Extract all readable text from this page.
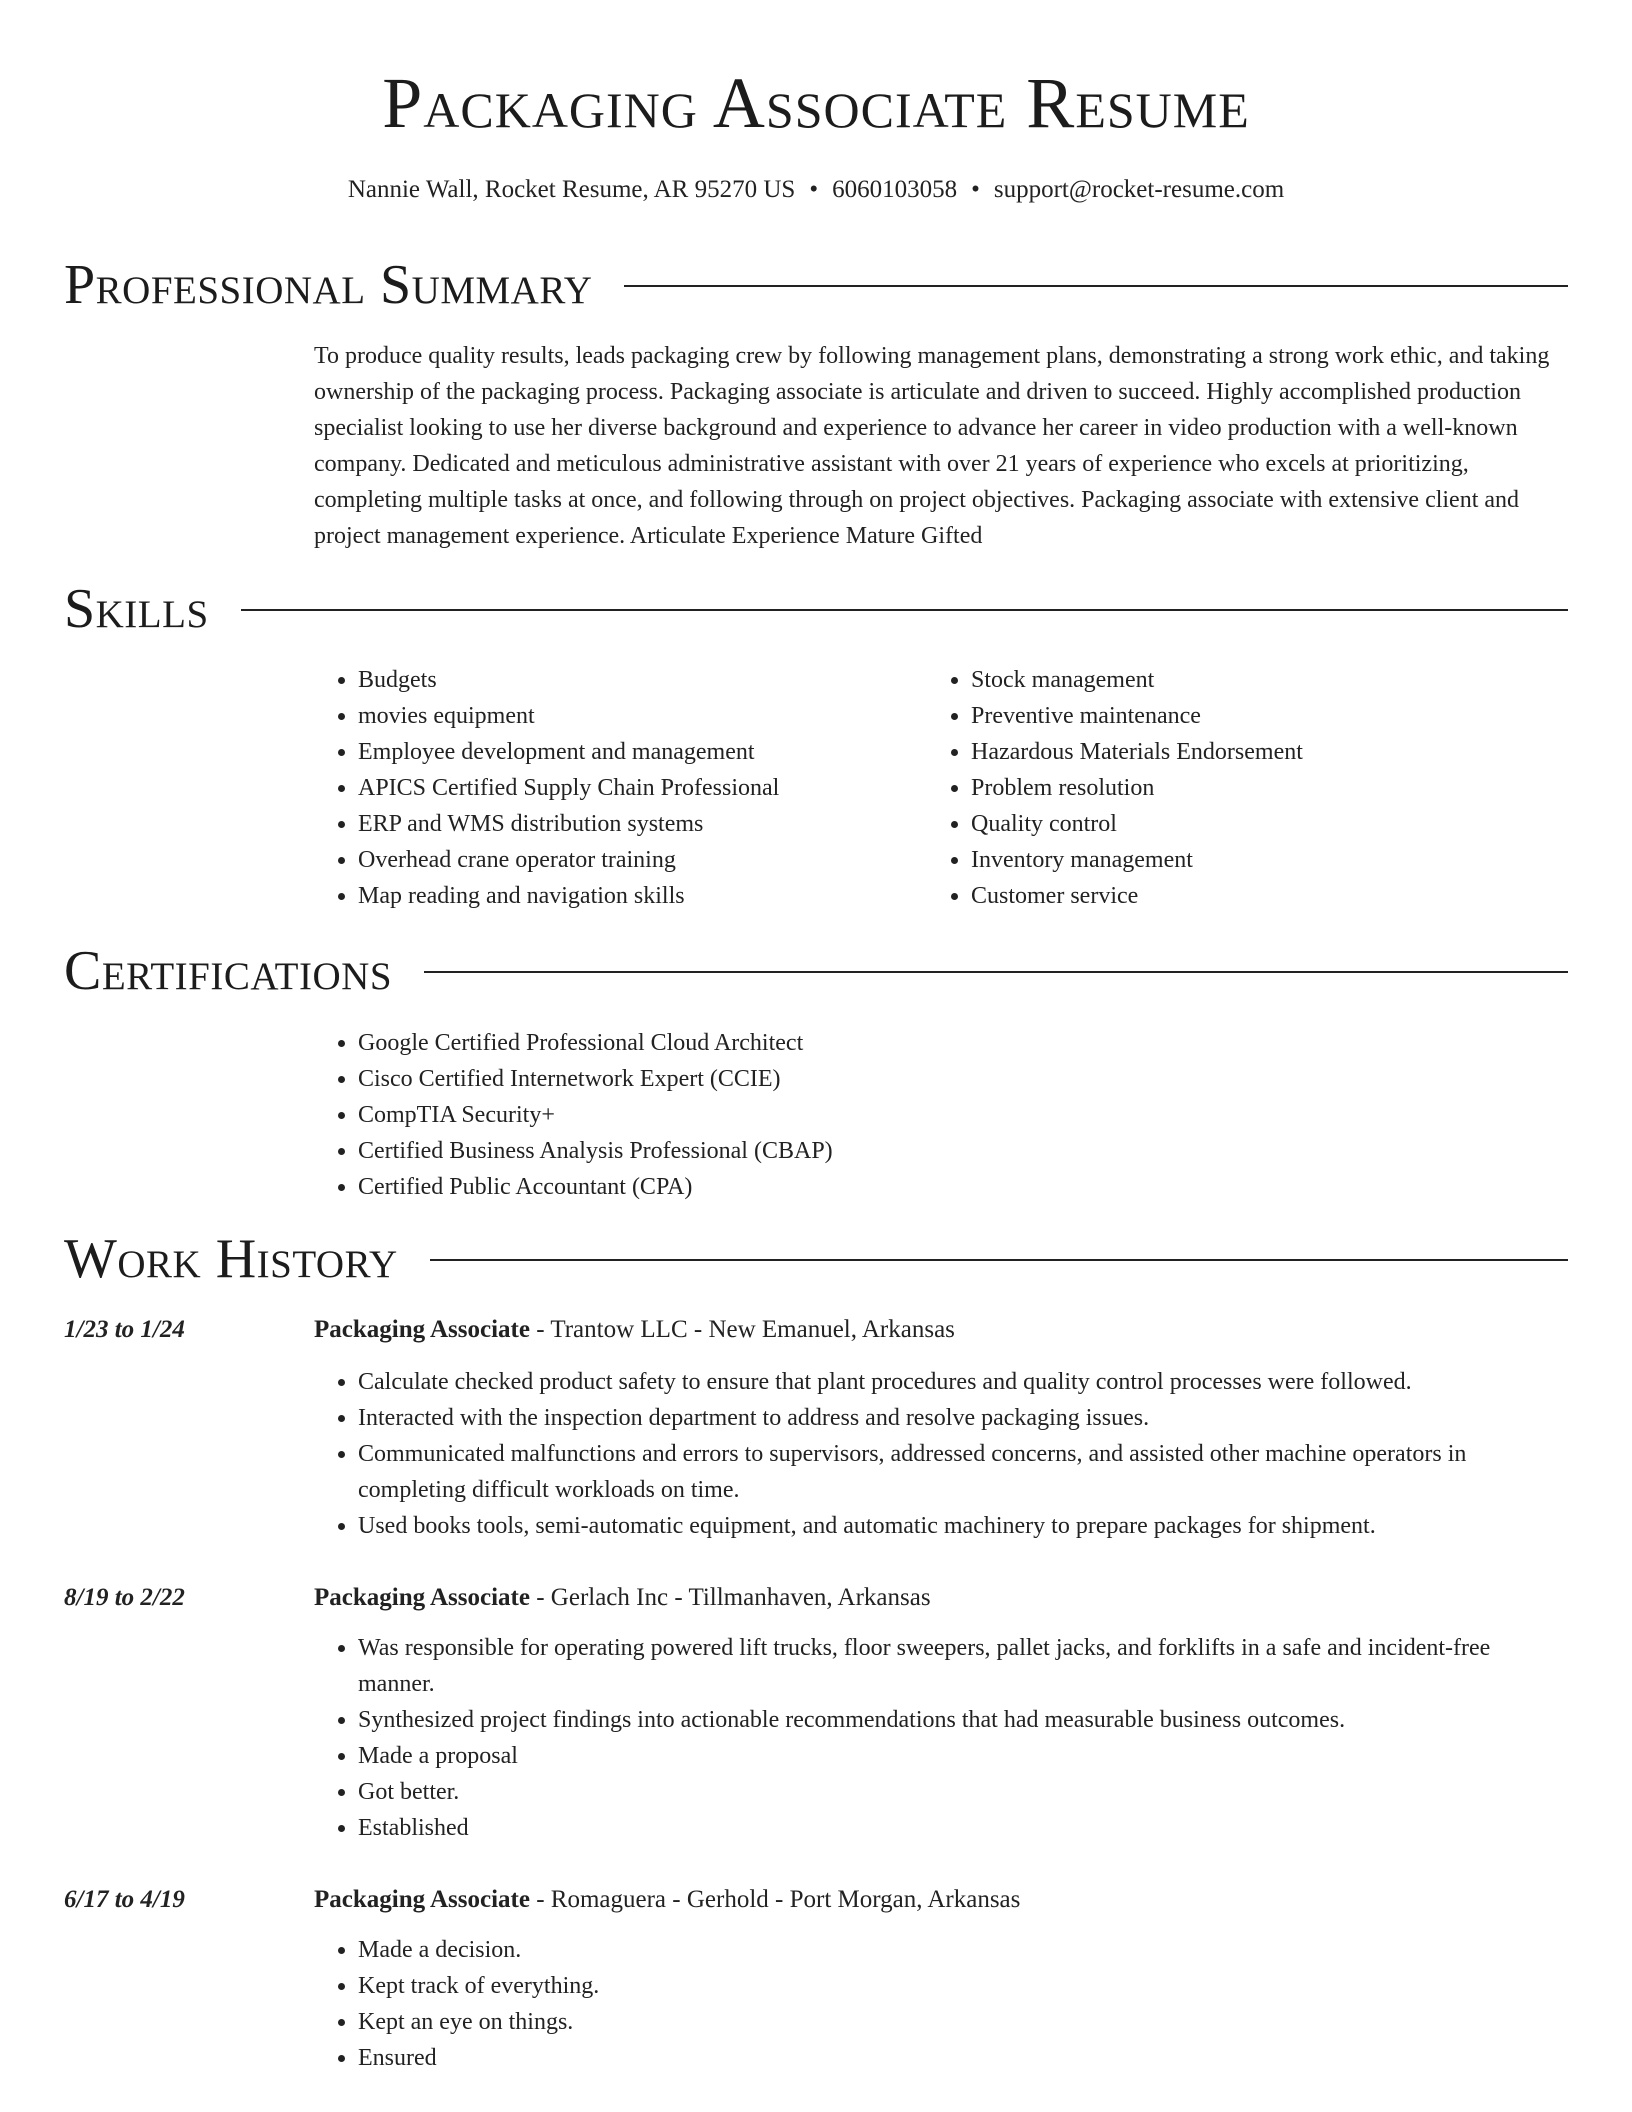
Packaging Associate Resume
Nannie Wall, Rocket Resume, AR 95270 US • 6060103058 • support@rocket-resume.com
Professional Summary

To produce quality results, leads packaging crew by following management plans, demonstrating a strong work ethic, and taking ownership of the packaging process. Packaging associate is articulate and driven to succeed. Highly accomplished production specialist looking to use her diverse background and experience to advance her career in video production with a well-known company. Dedicated and meticulous administrative assistant with over 21 years of experience who excels at prioritizing, completing multiple tasks at once, and following through on project objectives. Packaging associate with extensive client and project management experience. Articulate Experience Mature Gifted

Skills
• Budgets
• movies equipment
• Employee development and management
• APICS Certified Supply Chain Professional
• ERP and WMS distribution systems
• Overhead crane operator training
• Map reading and navigation skills
• Stock management
• Preventive maintenance
• Hazardous Materials Endorsement
• Problem resolution
• Quality control
• Inventory management
• Customer service
Certifications
• Google Certified Professional Cloud Architect
• Cisco Certified Internetwork Expert (CCIE)
• CompTIA Security+
• Certified Business Analysis Professional (CBAP)
• Certified Public Accountant (CPA)
Work History
1/23 to 1/24	Packaging Associate - Trantow LLC - New Emanuel, Arkansas
• Calculate checked product safety to ensure that plant procedures and quality control processes were followed.
• Interacted with the inspection department to address and resolve packaging issues.
• Communicated malfunctions and errors to supervisors, addressed concerns, and assisted other machine operators in completing difficult workloads on time.
• Used books tools, semi-automatic equipment, and automatic machinery to prepare packages for shipment.
8/19 to 2/22	Packaging Associate - Gerlach Inc - Tillmanhaven, Arkansas
• Was responsible for operating powered lift trucks, floor sweepers, pallet jacks, and forklifts in a safe and incident-free manner.
• Synthesized project findings into actionable recommendations that had measurable business outcomes.
• Made a proposal
• Got better.
• Established
6/17 to 4/19	Packaging Associate - Romaguera - Gerhold - Port Morgan, Arkansas
• Made a decision.
• Kept track of everything.
• Kept an eye on things.
• Ensured
